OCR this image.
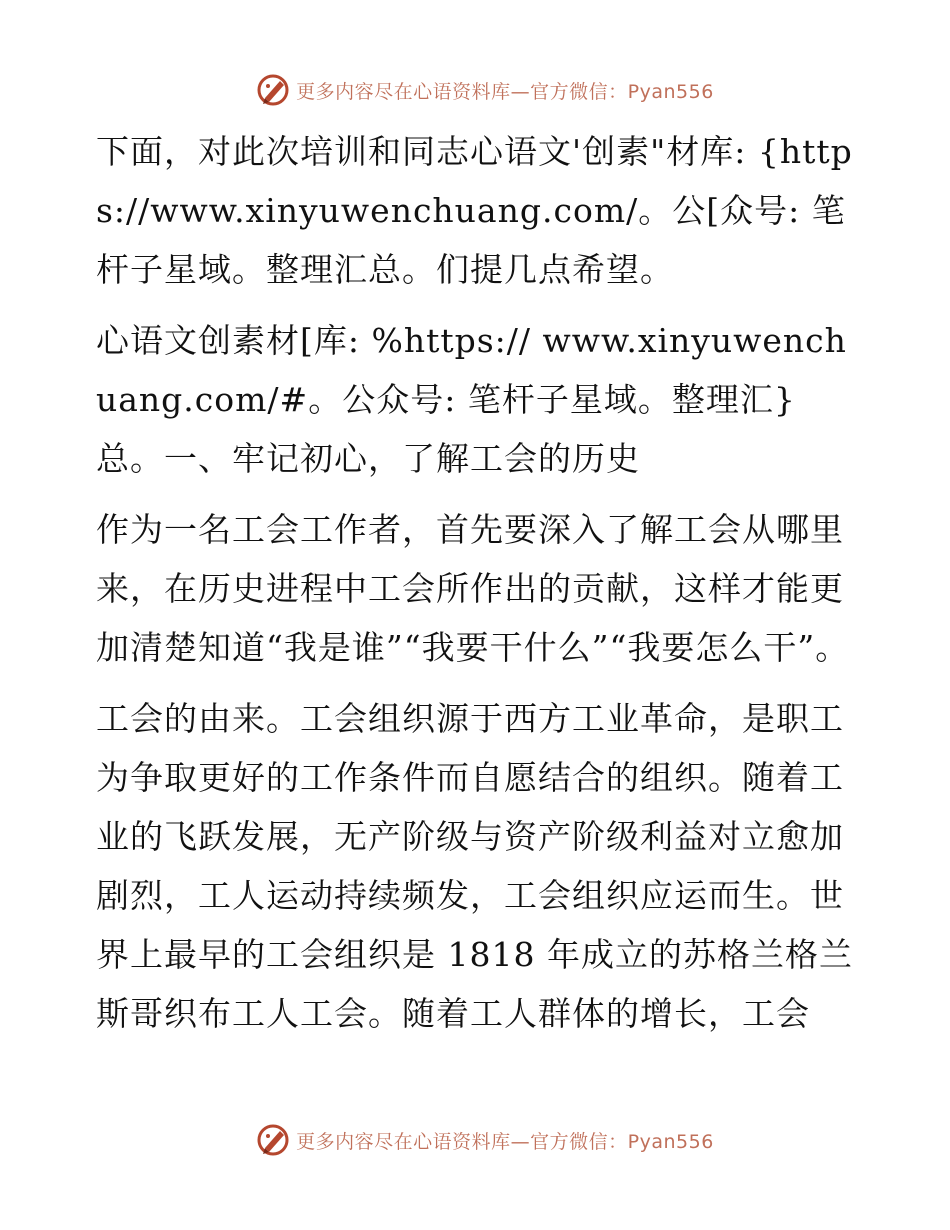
更多内容尽在心语资料库—官方微信：Pyan556

下面，对此次培训和同志心语文'创素"材库: {https://www.xinyuwenchuang.com/。公[众号: 笔杆子星域。整理汇总。们提几点希望。

心语文创素材[库: %https:// www.xinyuwenchuang.com/#。公众号: 笔杆子星域。整理汇}总。一、牢记初心，了解工会的历史

作为一名工会工作者，首先要深入了解工会从哪里来，在历史进程中工会所作出的贡献，这样才能更加清楚知道“我是谁”“我要干什么”“我要怎么干”。

工会的由来。工会组织源于西方工业革命，是职工为争取更好的工作条件而自愿结合的组织。随着工业的飞跃发展，无产阶级与资产阶级利益对立愈加剧烈，工人运动持续频发，工会组织应运而生。世界上最早的工会组织是 1818 年成立的苏格兰格兰斯哥织布工人工会。随着工人群体的增长，工会

更多内容尽在心语资料库—官方微信：Pyan556
